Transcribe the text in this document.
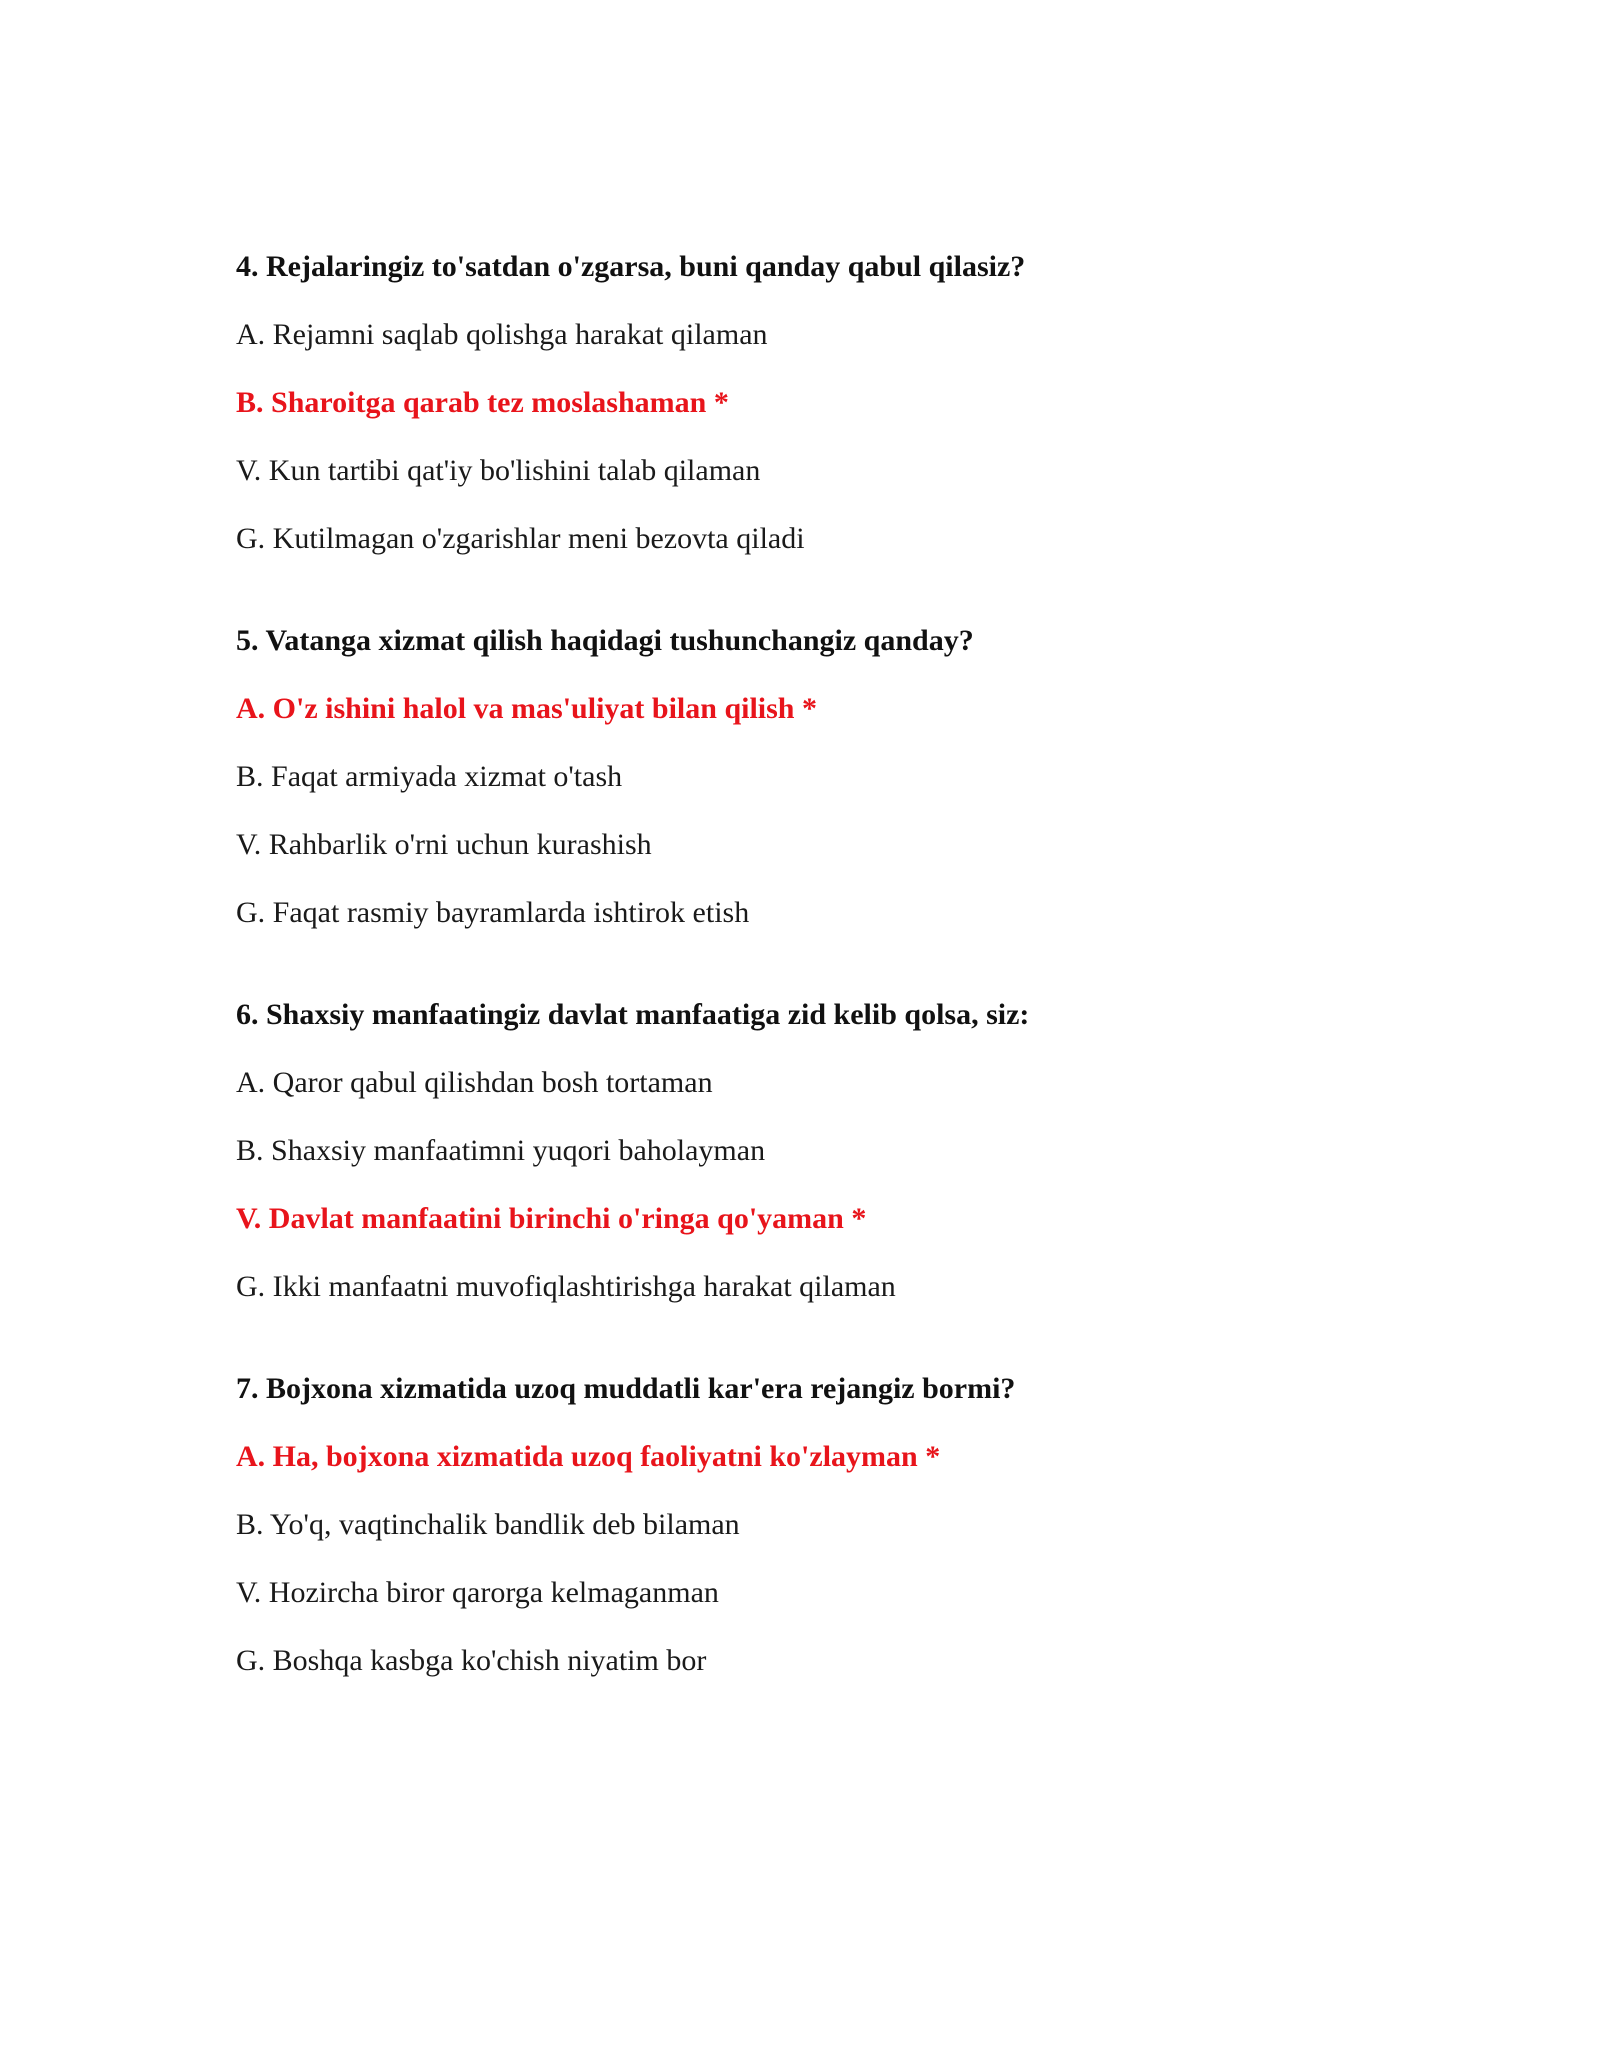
4. Rejalaringiz to'satdan o'zgarsa, buni qanday qabul qilasiz?
A. Rejamni saqlab qolishga harakat qilaman
B. Sharoitga qarab tez moslashaman *
V. Kun tartibi qat'iy bo'lishini talab qilaman
G. Kutilmagan o'zgarishlar meni bezovta qiladi
5. Vatanga xizmat qilish haqidagi tushunchangiz qanday?
A. O'z ishini halol va mas'uliyat bilan qilish *
B. Faqat armiyada xizmat o'tash
V. Rahbarlik o'rni uchun kurashish
G. Faqat rasmiy bayramlarda ishtirok etish
6. Shaxsiy manfaatingiz davlat manfaatiga zid kelib qolsa, siz:
A. Qaror qabul qilishdan bosh tortaman
B. Shaxsiy manfaatimni yuqori baholayman
V. Davlat manfaatini birinchi o'ringa qo'yaman *
G. Ikki manfaatni muvofiqlashtirishga harakat qilaman
7. Bojxona xizmatida uzoq muddatli kar'era rejangiz bormi?
A. Ha, bojxona xizmatida uzoq faoliyatni ko'zlayman *
B. Yo'q, vaqtinchalik bandlik deb bilaman
V. Hozircha biror qarorga kelmaganman
G. Boshqa kasbga ko'chish niyatim bor
